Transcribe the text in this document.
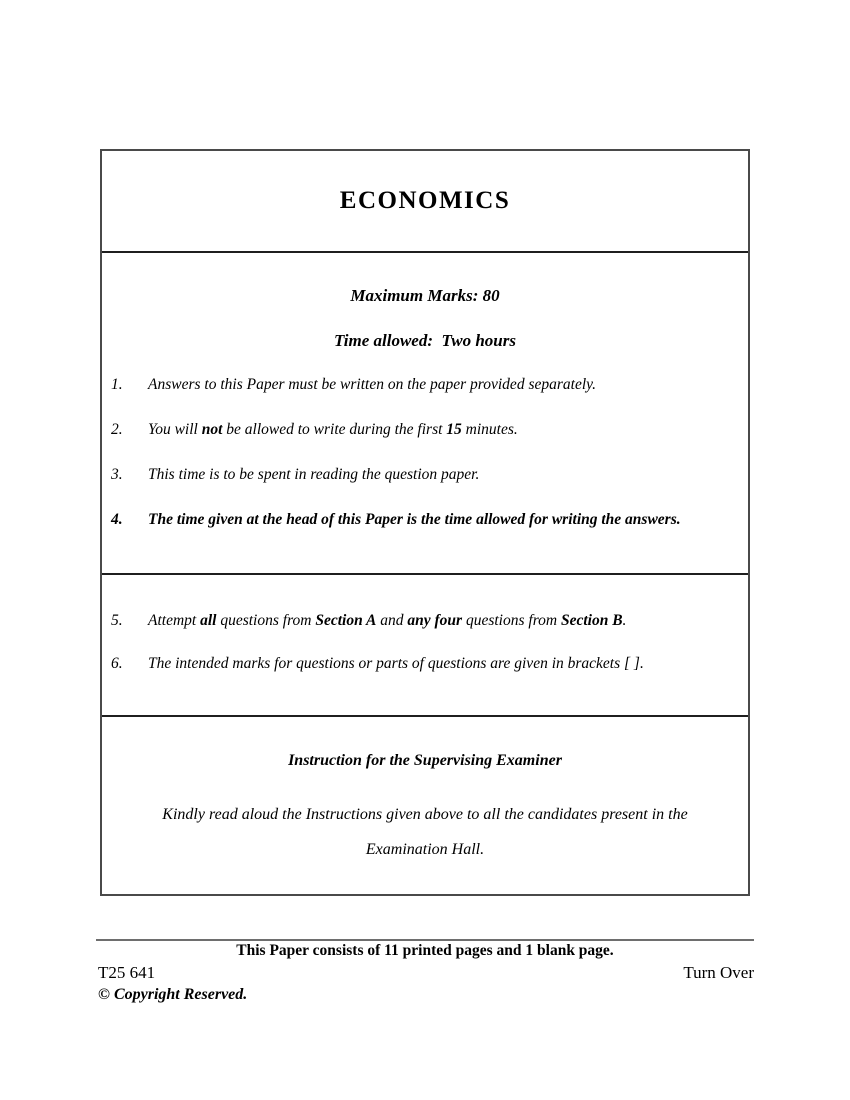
ECONOMICS
Maximum Marks: 80
Time allowed:  Two hours
1. Answers to this Paper must be written on the paper provided separately.
2. You will not be allowed to write during the first 15 minutes.
3. This time is to be spent in reading the question paper.
4. The time given at the head of this Paper is the time allowed for writing the answers.
5. Attempt all questions from Section A and any four questions from Section B.
6. The intended marks for questions or parts of questions are given in brackets [ ].
Instruction for the Supervising Examiner
Kindly read aloud the Instructions given above to all the candidates present in the Examination Hall.
This Paper consists of 11 printed pages and 1 blank page.
T25 641	Turn Over
© Copyright Reserved.
